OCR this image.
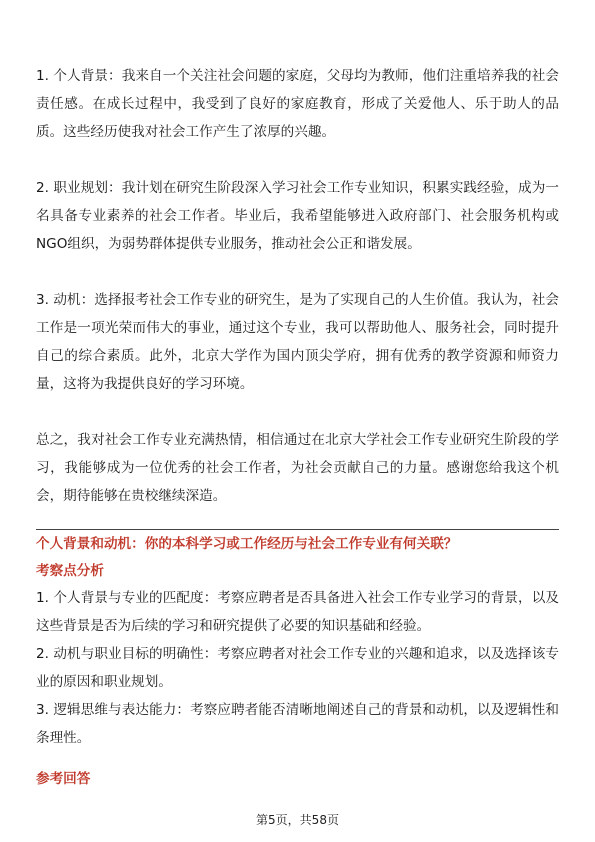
1. 个人背景：我来自一个关注社会问题的家庭，父母均为教师，他们注重培养我的社会责任感。在成长过程中，我受到了良好的家庭教育，形成了关爱他人、乐于助人的品质。这些经历使我对社会工作产生了浓厚的兴趣。

2. 职业规划：我计划在研究生阶段深入学习社会工作专业知识，积累实践经验，成为一名具备专业素养的社会工作者。毕业后，我希望能够进入政府部门、社会服务机构或NGO组织，为弱势群体提供专业服务，推动社会公正和谐发展。

3. 动机：选择报考社会工作专业的研究生，是为了实现自己的人生价值。我认为，社会工作是一项光荣而伟大的事业，通过这个专业，我可以帮助他人、服务社会，同时提升自己的综合素质。此外，北京大学作为国内顶尖学府，拥有优秀的教学资源和师资力量，这将为我提供良好的学习环境。

总之，我对社会工作专业充满热情，相信通过在北京大学社会工作专业研究生阶段的学习，我能够成为一位优秀的社会工作者，为社会贡献自己的力量。感谢您给我这个机会，期待能够在贵校继续深造。

个人背景和动机：你的本科学习或工作经历与社会工作专业有何关联？

考察点分析

1. 个人背景与专业的匹配度：考察应聘者是否具备进入社会工作专业学习的背景，以及这些背景是否为后续的学习和研究提供了必要的知识基础和经验。

2. 动机与职业目标的明确性：考察应聘者对社会工作专业的兴趣和追求，以及选择该专业的原因和职业规划。

3. 逻辑思维与表达能力：考察应聘者能否清晰地阐述自己的背景和动机，以及逻辑性和条理性。

参考回答

第5页，共58页
